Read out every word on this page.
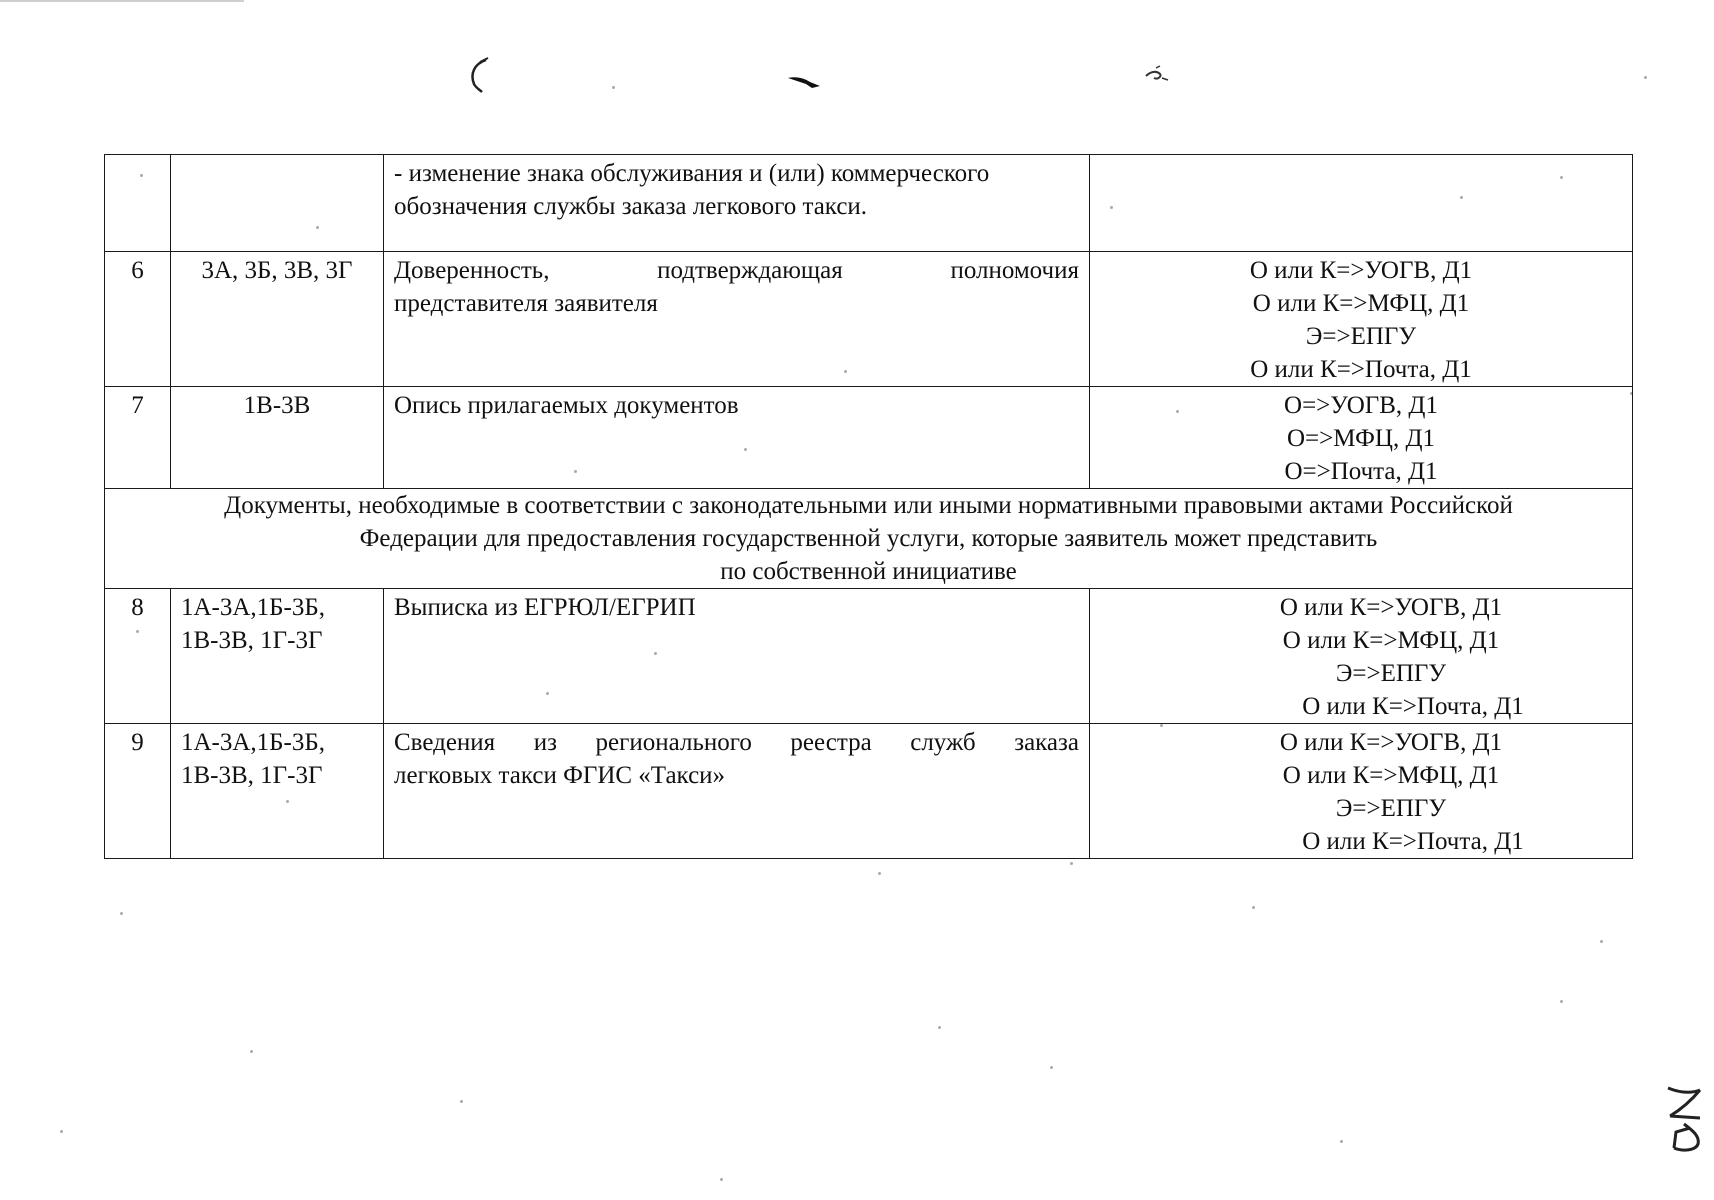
		- изменение знака обслуживания и (или) коммерческого
обозначения службы заказа легкового такси.	

6	3А, 3Б, 3В, 3Г	Доверенность, подтверждающая полномочия
представителя заявителя	О или К=>УОГВ, Д1
О или К=>МФЦ, Д1
Э=>ЕПГУ
О или К=>Почта, Д1

7	1В-3В	Опись прилагаемых документов	О=>УОГВ, Д1
О=>МФЦ, Д1
О=>Почта, Д1

Документы, необходимые в соответствии с законодательными или иными нормативными правовыми актами Российской
Федерации для предоставления государственной услуги, которые заявитель может представить
по собственной инициативе			

8	1А-3А,1Б-3Б,
1В-3В, 1Г-3Г	Выписка из ЕГРЮЛ/ЕГРИП	О или К=>УОГВ, Д1
О или К=>МФЦ, Д1
Э=>ЕПГУ
О или К=>Почта, Д1

9	1А-3А,1Б-3Б,
1В-3В, 1Г-3Г	Сведения из регионального реестра служб заказа
легковых такси ФГИС «Такси»	О или К=>УОГВ, Д1
О или К=>МФЦ, Д1
Э=>ЕПГУ
О или К=>Почта, Д1
